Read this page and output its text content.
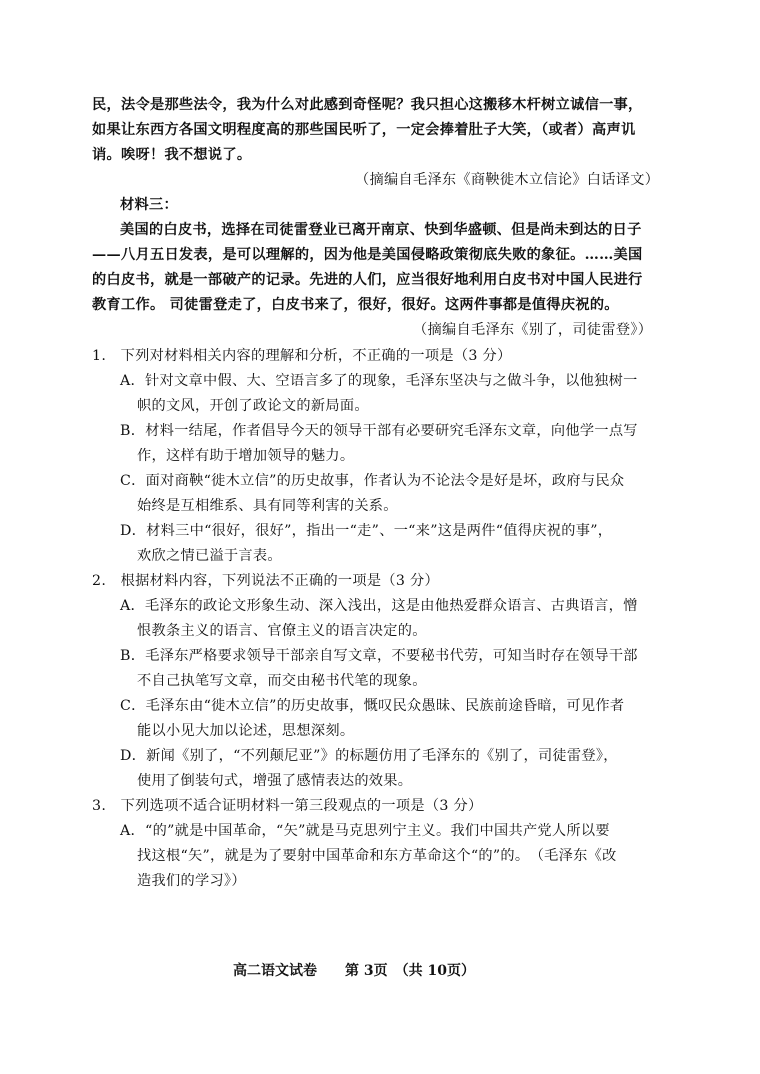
民，法令是那些法令，我为什么对此感到奇怪呢？我只担心这搬移木杆树立诚信一事，
如果让东西方各国文明程度高的那些国民听了，一定会捧着肚子大笑，（或者）高声讥
诮。唉呀！我不想说了。
（摘编自毛泽东《商鞅徙木立信论》白话译文）
材料三：
美国的白皮书，选择在司徒雷登业已离开南京、快到华盛顿、但是尚未到达的日子
——八月五日发表，是可以理解的，因为他是美国侵略政策彻底失败的象征。……美国
的白皮书，就是一部破产的记录。先进的人们，应当很好地利用白皮书对中国人民进行
教育工作。 司徒雷登走了，白皮书来了，很好，很好。这两件事都是值得庆祝的。
（摘编自毛泽东《别了，司徒雷登》）
1.　下列对材料相关内容的理解和分析，不正确的一项是（3 分）
A．针对文章中假、大、空语言多了的现象，毛泽东坚决与之做斗争，以他独树一
帜的文风，开创了政论文的新局面。
B．材料一结尾，作者倡导今天的领导干部有必要研究毛泽东文章，向他学一点写
作，这样有助于增加领导的魅力。
C．面对商鞅“徙木立信”的历史故事，作者认为不论法令是好是坏，政府与民众
始终是互相维系、具有同等利害的关系。
D．材料三中“很好，很好”，指出一“走”、一“来”这是两件“值得庆祝的事”，
欢欣之情已溢于言表。
2.　根据材料内容，下列说法不正确的一项是（3 分）
A．毛泽东的政论文形象生动、深入浅出，这是由他热爱群众语言、古典语言，憎
恨教条主义的语言、官僚主义的语言决定的。
B．毛泽东严格要求领导干部亲自写文章，不要秘书代劳，可知当时存在领导干部
不自己执笔写文章，而交由秘书代笔的现象。
C．毛泽东由“徙木立信”的历史故事，慨叹民众愚昧、民族前途昏暗，可见作者
能以小见大加以论述，思想深刻。
D．新闻《别了，“不列颠尼亚”》的标题仿用了毛泽东的《别了，司徒雷登》，
使用了倒装句式，增强了感情表达的效果。
3.　下列选项不适合证明材料一第三段观点的一项是（3 分）
A．“的”就是中国革命，“矢”就是马克思列宁主义。我们中国共产党人所以要
找这根“矢”，就是为了要射中国革命和东方革命这个“的”的。　（毛泽东《改
造我们的学习》）
高二语文试卷　　第 3页　（共 10页）
